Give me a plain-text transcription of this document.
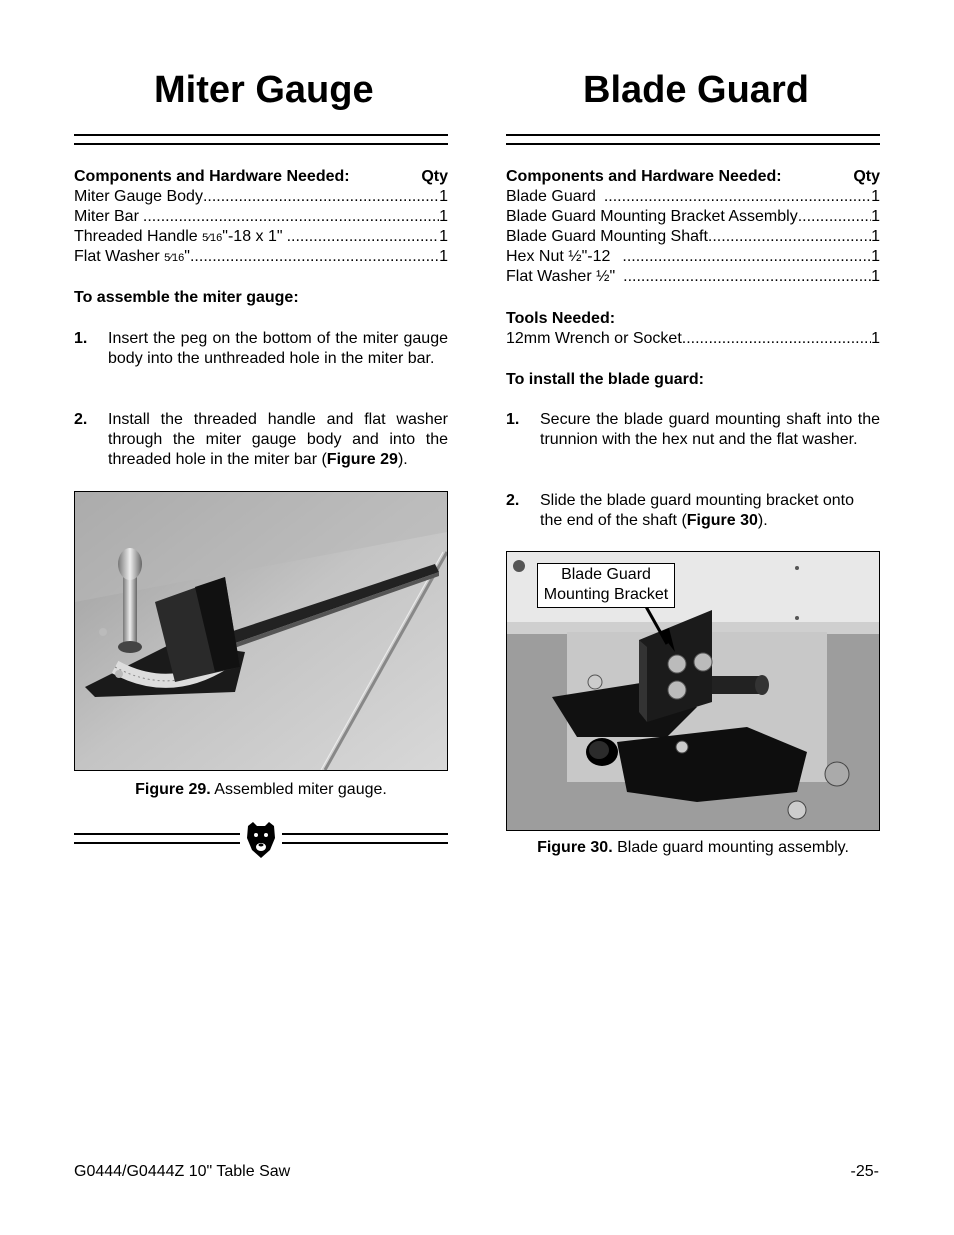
Miter Gauge
Components and Hardware Needed:	Qty
Miter Gauge Body .....	1
Miter Bar .....	1
Threaded Handle 5⁄16"-18 x 1" .....	1
Flat Washer 5⁄16" .....	1
To assemble the miter gauge:
1.	Insert the peg on the bottom of the miter gauge body into the unthreaded hole in the miter bar.
2.	Install the threaded handle and flat washer through the miter gauge body and into the threaded hole in the miter bar (Figure 29).
Figure 29. Assembled miter gauge.
Blade Guard
Components and Hardware Needed:	Qty
Blade Guard .....	1
Blade Guard Mounting Bracket Assembly .....	1
Blade Guard Mounting Shaft .....	1
Hex Nut ½"-12 .....	1
Flat Washer ½" .....	1
Tools Needed:
12mm Wrench or Socket .....	1
To install the blade guard:
1.	Secure the blade guard mounting shaft into the trunnion with the hex nut and the flat washer.
2.	Slide the blade guard mounting bracket onto the end of the shaft (Figure 30).
Blade Guard
Mounting Bracket
Figure 30. Blade guard mounting assembly.
G0444/G0444Z 10" Table Saw	-25-
